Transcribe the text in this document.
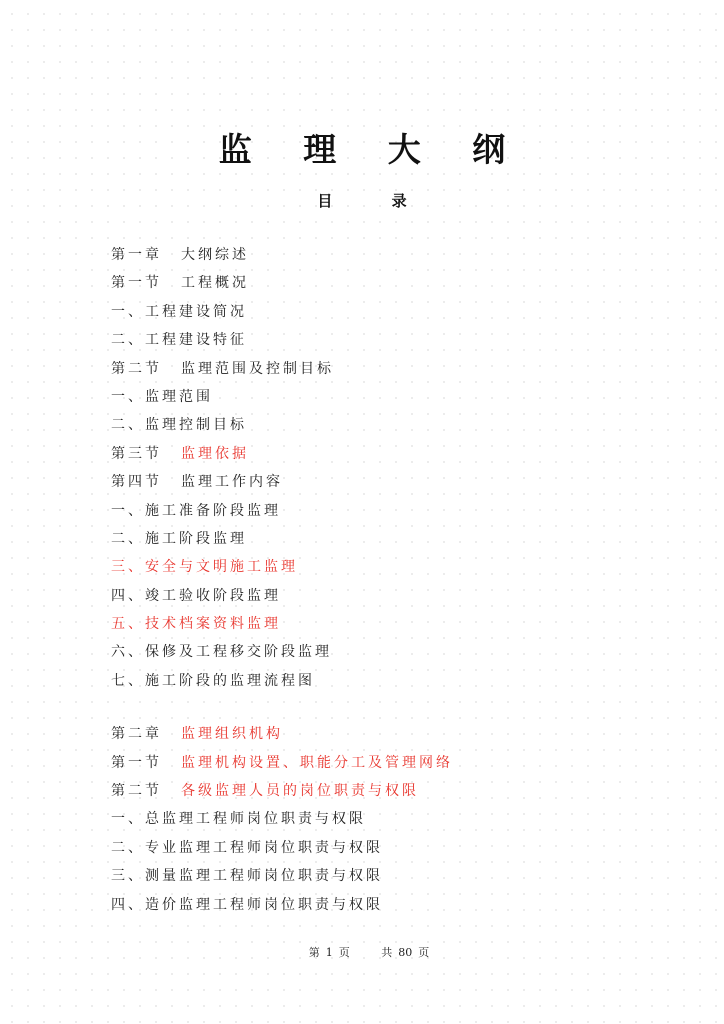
监 理 大 纲
目 录
第一章 大纲综述
第一节 工程概况
一、工程建设简况
二、工程建设特征
第二节 监理范围及控制目标
一、监理范围
二、监理控制目标
第三节 监理依据
第四节 监理工作内容
一、施工准备阶段监理
二、施工阶段监理
三、安全与文明施工监理
四、竣工验收阶段监理
五、技术档案资料监理
六、保修及工程移交阶段监理
七、施工阶段的监理流程图
第二章 监理组织机构
第一节 监理机构设置、职能分工及管理网络
第二节 各级监理人员的岗位职责与权限
一、总监理工程师岗位职责与权限
二、专业监理工程师岗位职责与权限
三、测量监理工程师岗位职责与权限
四、造价监理工程师岗位职责与权限
第 1 页	共 80 页
